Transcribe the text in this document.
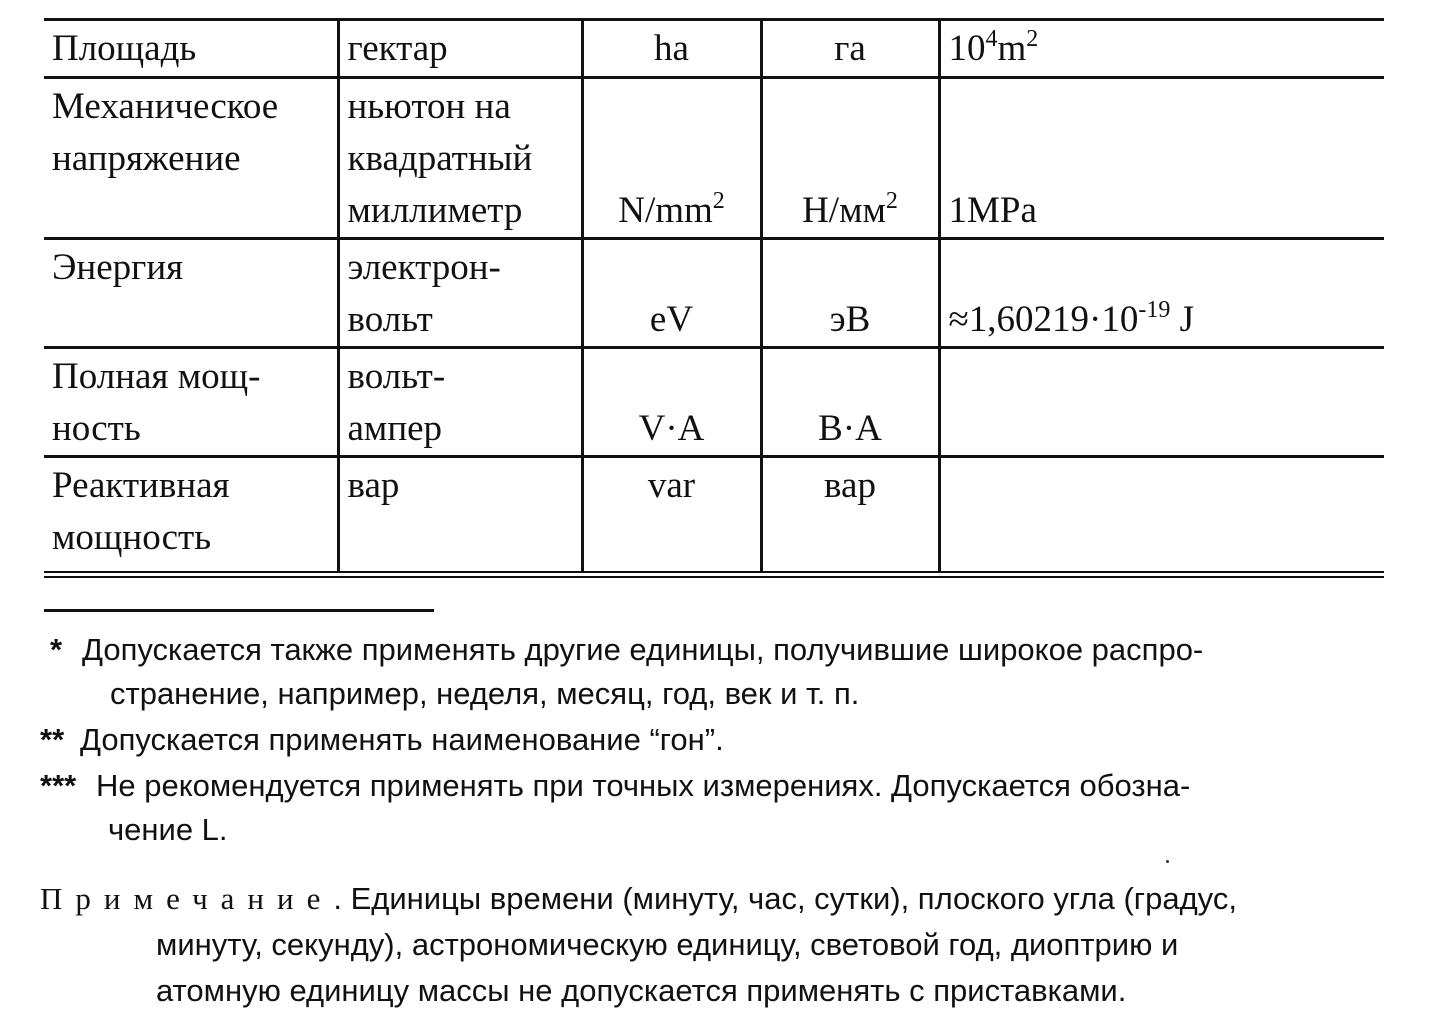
Площадь	гектар	ha	га	$10^4m^2$

Механическое
напряжение	ньютон на
квадратный
миллиметр	$N/mm^2$	$Н/мм^2$	1MPa

Энергия	электрон-
вольт	eV	эВ	$\approx 1,60219\cdot 10^{-19}$ J

Полная мощ-
ность	вольт-
ампер	V·A	В·А	

Реактивная
мощность	вар	var	вар	

* Допускается также применять другие единицы, получившие широкое распро-
странение, например, неделя, месяц, год, век и т. п.
** Допускается применять наименование “гон”.
*** Не рекомендуется применять при точных измерениях. Допускается обозна-
чение L.
Примечание. Единицы времени (минуту, час, сутки), плоского угла (градус,
минуту, секунду), астрономическую единицу, световой год, диоптрию и
атомную единицу массы не допускается применять с приставками.
